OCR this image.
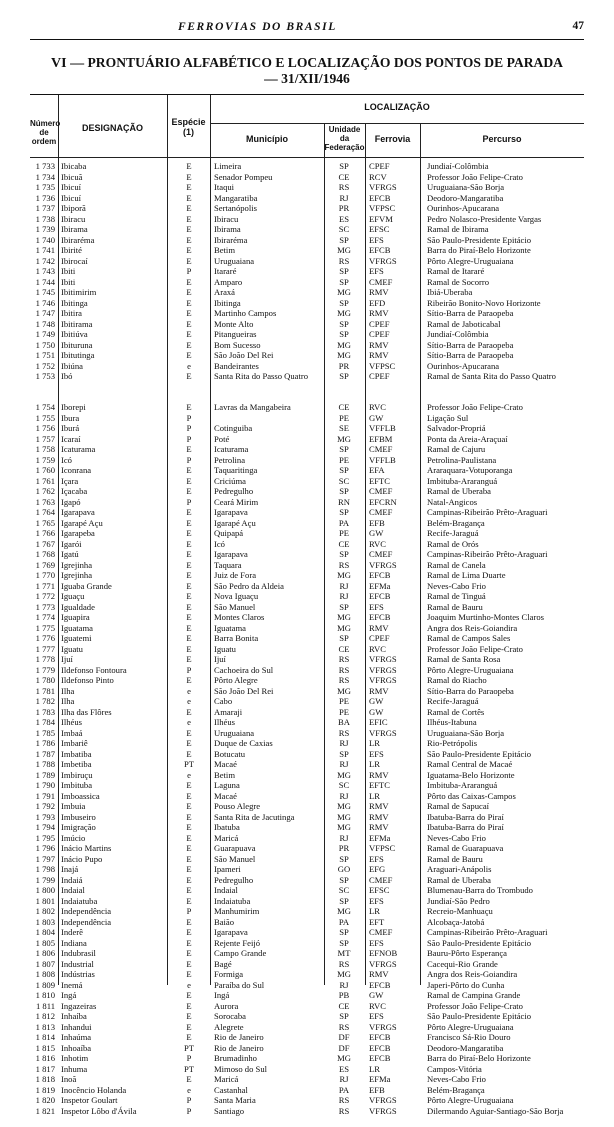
FERROVIAS DO BRASIL	47
VI — PRONTUÁRIO ALFABÉTICO E LOCALIZAÇÃO DOS PONTOS DE PARADA
— 31/XII/1946
Número de ordem
DESIGNAÇÃO
Espécie (1)
LOCALIZAÇÃO
Município
Unidade da Federação
Ferrovia	Percurso
1 733 Ibicaba	E	Limeira	SP	CPEF	Jundiaí-Colômbia
1 734 Ibicuã	E	Senador Pompeu	CE	RCV	Professor João Felipe-Crato
1 735 Ibicuí	E	Itaqui	RS	VFRGS	Uruguaiana-São Borja
1 736 Ibicuí	E	Mangaratiba	RJ	EFCB	Deodoro-Mangaratiba
1 737 Ibiporã	E	Sertanópolis	PR	VFPSC	Ourinhos-Apucarana
1 738 Ibiracu	E	Ibiracu	ES	EFVM	Pedro Nolasco-Presidente Vargas
1 739 Ibirama	E	Ibirama	SC	EFSC	Ramal de Ibirama
1 740 Ibiraréma	E	Ibiraréma	SP	EFS	São Paulo-Presidente Epitácio
1 741 Ibirité	E	Betim	MG	EFCB	Barra do Piraí-Belo Horizonte
1 742 Ibirocaí	E	Uruguaiana	RS	VFRGS	Pôrto Alegre-Uruguaiana
1 743 Ibiti	P	Itararé	SP	EFS	Ramal de Itararé
1 744 Ibiti	E	Amparo	SP	CMEF	Ramal de Socorro
1 745 Ibitimirim	E	Araxá	MG	RMV	Ibiá-Uberaba
1 746 Ibitinga	E	Ibitinga	SP	EFD	Ribeirão Bonito-Novo Horizonte
1 747 Ibitira	E	Martinho Campos	MG	RMV	Sítio-Barra de Paraopeba
1 748 Ibitirama	E	Monte Alto	SP	CPEF	Ramal de Jaboticabal
1 749 Ibitiúva	E	Pitangueiras	SP	CPEF	Jundiaí-Colômbia
1 750 Ibituruna	E	Bom Sucesso	MG	RMV	Sítio-Barra de Paraopeba
1 751 Ibitutinga	E	São João Del Rei	MG	RMV	Sítio-Barra de Paraopeba
1 752 Ibiúna	e	Bandeirantes	PR	VFPSC	Ourinhos-Apucarana
1 753 Ibó	E	Santa Rita do Passo Quatro	SP	CPEF	Ramal de Santa Rita do Passo Quatro
1 754 Iborepi	E	Lavras da Mangabeira	CE	RVC	Professor João Felipe-Crato
1 755 Ibura	P	PE	GW	Ligação Sul
1 756 Iburá	P	Cotinguiba	SE	VFFLB	Salvador-Propriá
1 757 Icaraí	P	Poté	MG	EFBM	Ponta da Areia-Araçuaí
1 758 Icaturama	E	Icaturama	SP	CMEF	Ramal de Cajuru
1 759 Icó	P	Petrolina	PE	VFFLB	Petrolina-Paulistana
1 760 Iconrana	E	Taquaritinga	SP	EFA	Araraquara-Votuporanga
1 761 Içara	E	Criciúma	SC	EFTC	Imbituba-Araranguá
1 762 Içacaba	E	Pedregulho	SP	CMEF	Ramal de Uberaba
1 763 Igapó	P	Ceará Mirim	RN	EFCRN	Natal-Angicos
1 764 Igarapava	E	Igarapava	SP	CMEF	Campinas-Ribeirão Prêto-Araguari
1 765 Igarapé Açu	E	Igarapé Açu	PA	EFB	Belém-Bragança
1 766 Igarapeba	E	Quipapá	PE	GW	Recife-Jaraguá
1 767 Igarói	E	Icó	CE	RVC	Ramal de Orós
1 768 Igatú	E	Igarapava	SP	CMEF	Campinas-Ribeirão Prêto-Araguari
1 769 Igrejinha	E	Taquara	RS	VFRGS	Ramal de Canela
1 770 Igrejinha	E	Juiz de Fora	MG	EFCB	Ramal de Lima Duarte
1 771 Iguaba Grande	E	São Pedro da Aldeia	RJ	EFMa	Neves-Cabo Frio
1 772 Iguaçu	E	Nova Iguaçu	RJ	EFCB	Ramal de Tinguá
1 773 Igualdade	E	São Manuel	SP	EFS	Ramal de Bauru
1 774 Iguapira	E	Montes Claros	MG	EFCB	Joaquim Murtinho-Montes Claros
1 775 Iguatama	E	Iguatama	MG	RMV	Angra dos Reis-Goiandira
1 776 Iguatemi	E	Barra Bonita	SP	CPEF	Ramal de Campos Sales
1 777 Iguatu	E	Iguatu	CE	RVC	Professor João Felipe-Crato
1 778 Ijuí	E	Ijuí	RS	VFRGS	Ramal de Santa Rosa
1 779 Ildefonso Fontoura	P	Cachoeira do Sul	RS	VFRGS	Pôrto Alegre-Uruguaiana
1 780 Ildefonso Pinto	E	Pôrto Alegre	RS	VFRGS	Ramal do Riacho
1 781 Ilha	e	São João Del Rei	MG	RMV	Sítio-Barra do Paraopeba
1 782 Ilha	e	Cabo	PE	GW	Recife-Jaraguá
1 783 Ilha das Flôres	E	Amaraji	PE	GW	Ramal de Cortês
1 784 Ilhéus	e	Ilhéus	BA	EFIC	Ilhéus-Itabuna
1 785 Imbaá	E	Uruguaiana	RS	VFRGS	Uruguaiana-São Borja
1 786 Imbariê	E	Duque de Caxias	RJ	LR	Rio-Petrópolis
1 787 Imbatiba	E	Botucatu	SP	EFS	São Paulo-Presidente Epitácio
1 788 Imbetiba	PT	Macaé	RJ	LR	Ramal Central de Macaé
1 789 Imbiruçu	e	Betim	MG	RMV	Iguatama-Belo Horizonte
1 790 Imbituba	E	Laguna	SC	EFTC	Imbituba-Araranguá
1 791 Imboassica	E	Macaé	RJ	LR	Pôrto das Caixas-Campos
1 792 Imbuia	E	Pouso Alegre	MG	RMV	Ramal de Sapucaí
1 793 Imbuseiro	E	Santa Rita de Jacutinga	MG	RMV	Ibatuba-Barra do Piraí
1 794 Imigração	E	Ibatuba	MG	RMV	Ibatuba-Barra do Piraí
1 795 Imúcio	E	Maricá	RJ	EFMa	Neves-Cabo Frio
1 796 Inácio Martins	E	Guarapuava	PR	VFPSC	Ramal de Guarapuava
1 797 Inácio Pupo	E	São Manuel	SP	EFS	Ramal de Bauru
1 798 Inajá	E	Ipameri	GO	EFG	Araguari-Anápolis
1 799 Indaiá	E	Pedregulho	SP	CMEF	Ramal de Uberaba
1 800 Indaial	E	Indaial	SC	EFSC	Blumenau-Barra do Trombudo
1 801 Indaiatuba	E	Indaiatuba	SP	EFS	Jundiaí-São Pedro
1 802 Independência	P	Manhumirim	MG	LR	Recreio-Manhuaçu
1 803 Independência	E	Baião	PA	EFT	Alcobaça-Jatobá
1 804 Inderê	E	Igarapava	SP	CMEF	Campinas-Ribeirão Prêto-Araguari
1 805 Indiana	E	Rejente Feijó	SP	EFS	São Paulo-Presidente Epitácio
1 806 Indubrasil	E	Campo Grande	MT	EFNOB	Bauru-Pôrto Esperança
1 807 Industrial	E	Bagé	RS	VFRGS	Cacequi-Rio Grande
1 808 Indústrias	E	Formiga	MG	RMV	Angra dos Reis-Goiandira
1 809 Inemá	e	Paraíba do Sul	RJ	EFCB	Japeri-Pôrto do Cunha
1 810 Ingá	E	Ingá	PB	GW	Ramal de Campina Grande
1 811 Ingazeiras	E	Aurora	CE	RVC	Professor João Felipe-Crato
1 812 Inhaíba	E	Sorocaba	SP	EFS	São Paulo-Presidente Epitácio
1 813 Inhandui	E	Alegrete	RS	VFRGS	Pôrto Alegre-Uruguaiana
1 814 Inhaúma	E	Rio de Janeiro	DF	EFCB	Francisco Sá-Rio Douro
1 815 Inhoaíba	PT	Rio de Janeiro	DF	EFCB	Deodoro-Mangaratiba
1 816 Inhotim	P	Brumadinho	MG	EFCB	Barra do Piraí-Belo Horizonte
1 817 Inhuma	PT	Mimoso do Sul	ES	LR	Campos-Vitória
1 818 Inoã	E	Maricá	RJ	EFMa	Neves-Cabo Frio
1 819 Inocêncio Holanda	e	Castanhal	PA	EFB	Belém-Bragança
1 820 Inspetor Goulart	P	Santa Maria	RS	VFRGS	Pôrto Alegre-Uruguaiana
1 821 Inspetor Lôbo d'Ávila	P	Santiago	RS	VFRGS	Dilermando Aguiar-Santiago-São Borja
